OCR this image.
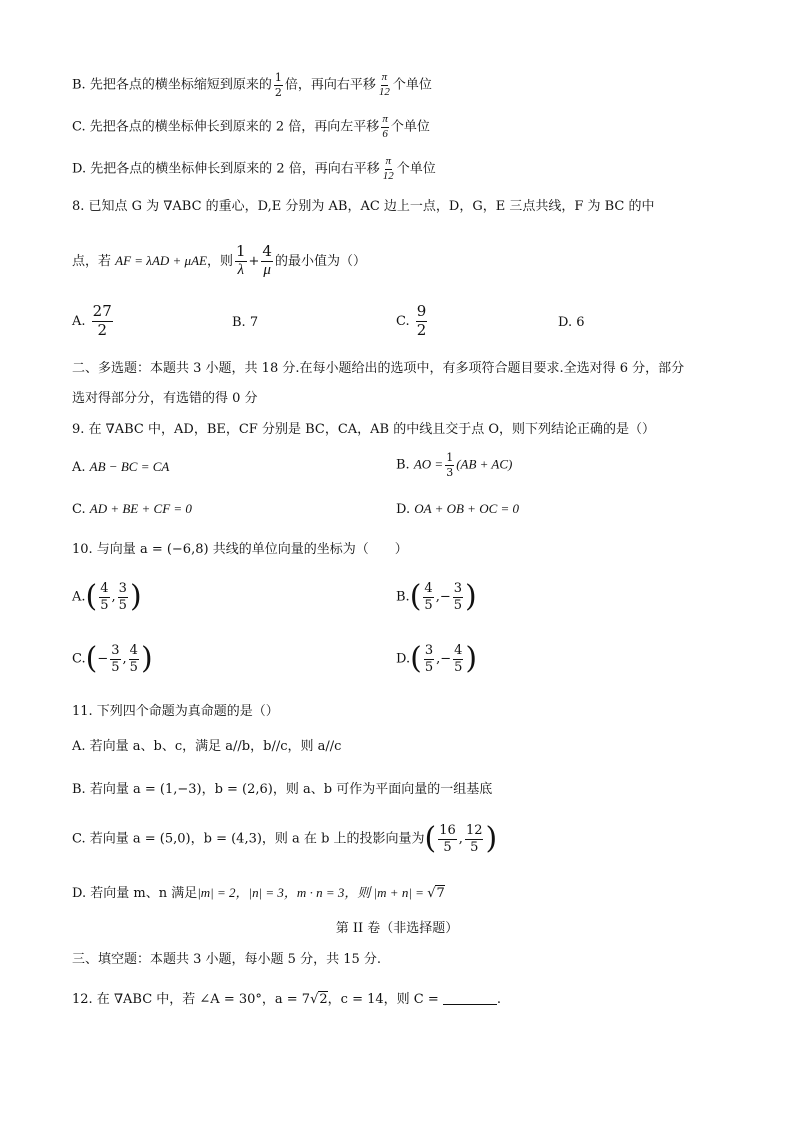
B. 先把各点的横坐标缩短到原来的 $\frac{1}{2}$ 倍，再向右平移 $\frac{\pi}{12}$ 个单位
C. 先把各点的横坐标伸长到原来的 2 倍，再向左平移 $\frac{\pi}{6}$ 个单位
D. 先把各点的横坐标伸长到原来的 2 倍，再向右平移 $\frac{\pi}{12}$ 个单位
8. 已知点 G 为 ∇ABC 的重心，D,E 分别为 AB，AC 边上一点，D，G，E 三点共线，F 为 BC 的中
点，若 AF = λAD + μAE，则 $\frac{1}{\lambda} + \frac{4}{\mu}$ 的最小值为（）
A. $\frac{27}{2}$	B. 7	C. $\frac{9}{2}$	D. 6
二、多选题：本题共 3 小题，共 18 分.在每小题给出的选项中，有多项符合题目要求.全选对得 6 分，部分
选对得部分分，有选错的得 0 分
9. 在 ∇ABC 中，AD，BE，CF 分别是 BC，CA，AB 的中线且交于点 O，则下列结论正确的是（）
A. AB − BC = CA	B. AO = $\frac{1}{3} (AB + AC)$
C. AD + BE + CF = 0	D. OA + OB + OC = 0
10. 与向量 a = (−6,8) 共线的单位向量的坐标为（　　）
$A.( \frac{4}{5}$ , $\frac{3}{5}$ )	$B.( \frac{4}{5}$ ,− $\frac{3}{5}$ )
$C.(- \frac{3}{5}$ , $\frac{4}{5}$ )	$D.( \frac{3}{5}$ ,− $\frac{4}{5}$ )
11. 下列四个命题为真命题的是（）
A. 若向量 a、b、c，满足 a//b，b//c，则 a//c
B. 若向量 a = (1,−3)，b = (2,6)，则 a、b 可作为平面向量的一组基底
C. 若向量 a = (5,0)，b = (4,3)，则 a 在 b 上的投影向量为( $\frac{16}{5}$ , $\frac{12}{5}$ )
D. 若向量 m、n 满足|m| = 2，|n| = 3，m · n = 3，则 |m + n| = √7
第 II 卷（非选择题）
三、填空题：本题共 3 小题，每小题 5 分，共 15 分.
12. 在 ∇ABC 中，若 ∠A = 30°，a = 7√2，c = 14，则 C =	.
